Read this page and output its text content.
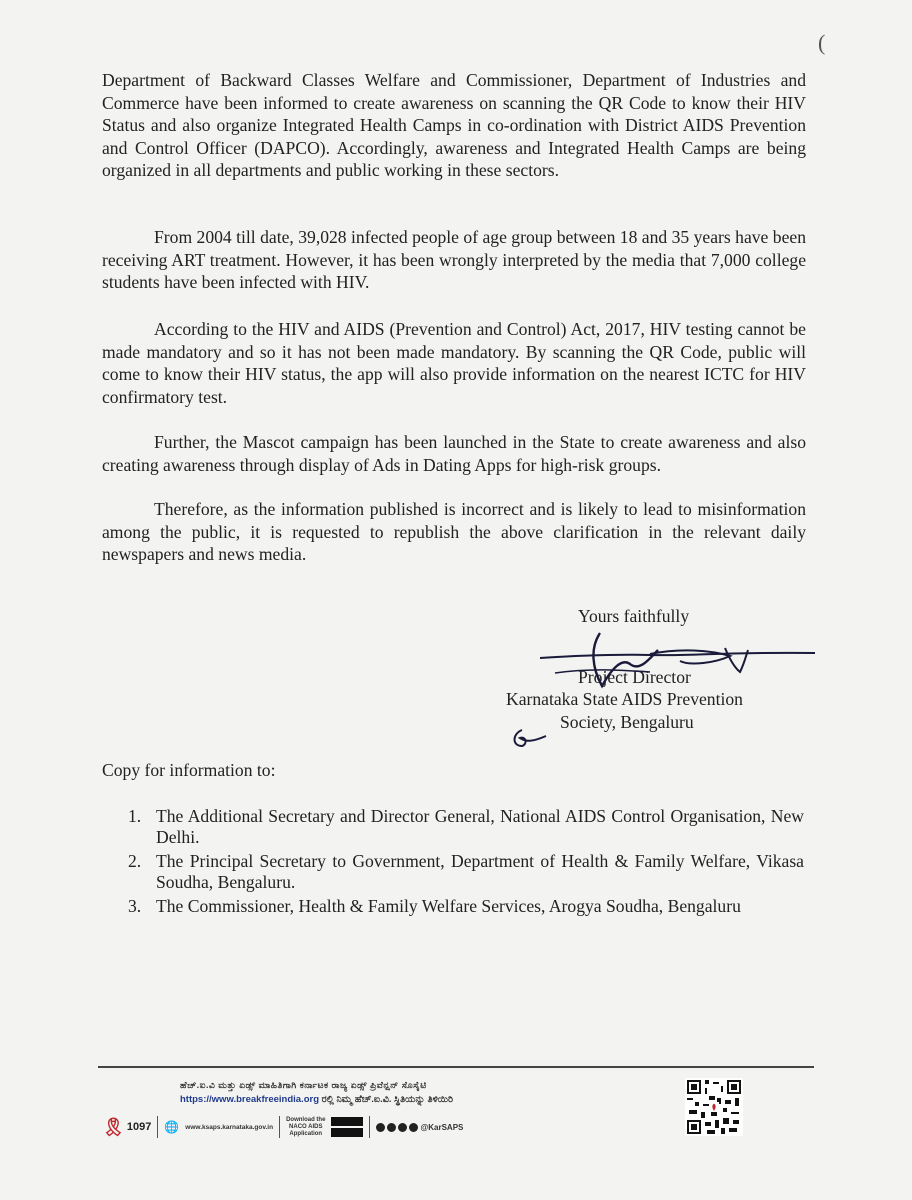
(

Department of Backward Classes Welfare and Commissioner, Department of Industries and Commerce have been informed to create awareness on scanning the QR Code to know their HIV Status and also organize Integrated Health Camps in co-ordination with District AIDS Prevention and Control Officer (DAPCO). Accordingly, awareness and Integrated Health Camps are being organized in all departments and public working in these sectors.

From 2004 till date, 39,028 infected people of age group between 18 and 35 years have been receiving ART treatment. However, it has been wrongly interpreted by the media that 7,000 college students have been infected with HIV.

According to the HIV and AIDS (Prevention and Control) Act, 2017, HIV testing cannot be made mandatory and so it has not been made mandatory. By scanning the QR Code, public will come to know their HIV status, the app will also provide information on the nearest ICTC for HIV confirmatory test.

Further, the Mascot campaign has been launched in the State to create awareness and also creating awareness through display of Ads in Dating Apps for high-risk groups.

Therefore, as the information published is incorrect and is likely to lead to misinformation among the public, it is requested to republish the above clarification in the relevant daily newspapers and news media.

Yours faithfully
Project Director
Karnataka State AIDS Prevention
Society, Bengaluru
Copy for information to:
1. The Additional Secretary and Director General, National AIDS Control Organisation, New Delhi.
2. The Principal Secretary to Government, Department of Health & Family Welfare, Vikasa Soudha, Bengaluru.
3. The Commissioner, Health & Family Welfare Services, Arogya Soudha, Bengaluru
ಹೆಚ್.ಐ.ವಿ ಮತ್ತು ಏಡ್ಸ್ ಮಾಹಿತಿಗಾಗಿ ಕರ್ನಾಟಕ ರಾಜ್ಯ ಏಡ್ಸ್ ಪ್ರಿವೆನ್ಷನ್ ಸೊಸೈಟಿ
https://www.breakfreeindia.org ರಲ್ಲಿ ನಿಮ್ಮ ಹೆಚ್.ಐ.ವಿ. ಸ್ಥಿತಿಯನ್ನು ತಿಳಿಯಿರಿ
🎗 1097 🌐 www.ksaps.karnataka.gov.in
Download the
NACO AIDS
Application
@KarSAPS
